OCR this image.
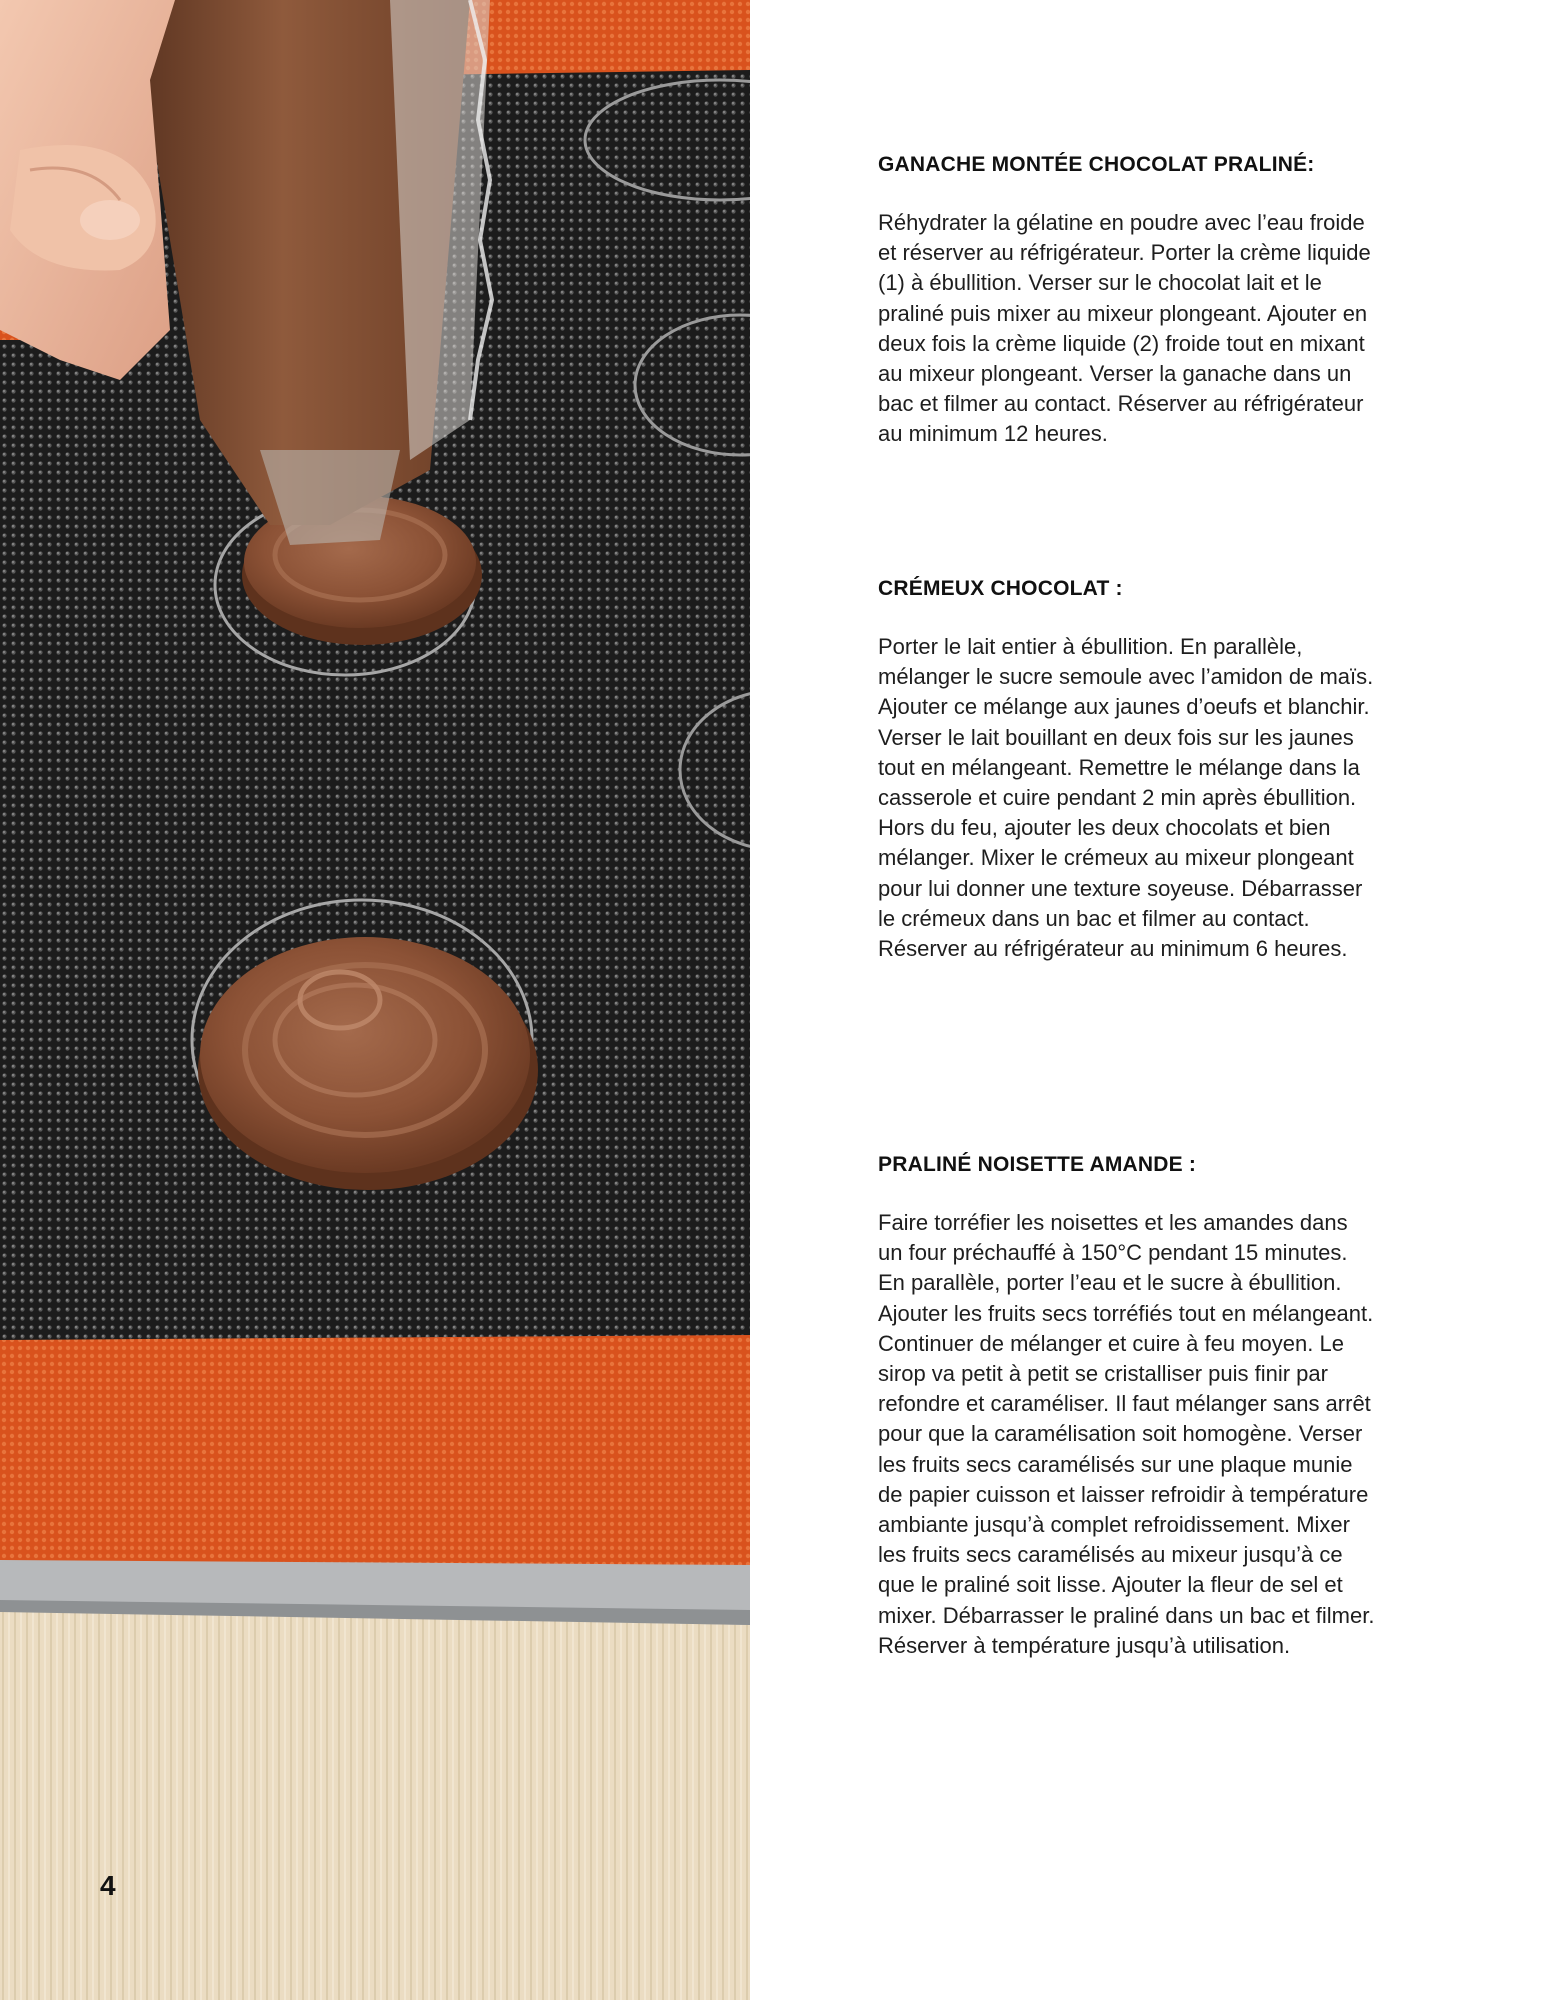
GANACHE MONTÉE CHOCOLAT PRALINÉ:

Réhydrater la gélatine en poudre avec l’eau froide et réserver au réfrigérateur. Porter la crème liquide (1) à ébullition. Verser sur le chocolat lait et le praliné puis mixer au mixeur plongeant. Ajouter en deux fois la crème liquide (2) froide tout en mixant au mixeur plongeant. Verser la ganache dans un bac et filmer au contact. Réserver au réfrigérateur au minimum 12 heures.

CRÉMEUX CHOCOLAT :

Porter le lait entier à ébullition. En parallèle, mélanger le sucre semoule avec l’amidon de maïs. Ajouter ce mélange aux jaunes d’oeufs et blanchir. Verser le lait bouillant en deux fois sur les jaunes tout en mélangeant. Remettre le mélange dans la casserole et cuire pendant 2 min après ébullition. Hors du feu, ajouter les deux chocolats et bien mélanger. Mixer le crémeux au mixeur plongeant pour lui donner une texture soyeuse. Débarrasser le crémeux dans un bac et filmer au contact. Réserver au réfrigérateur au minimum 6 heures.

PRALINÉ NOISETTE AMANDE :

Faire torréfier les noisettes et les amandes dans un four préchauffé à 150°C pendant 15 minutes. En parallèle, porter l’eau et le sucre à ébullition. Ajouter les fruits secs torréfiés tout en mélangeant. Continuer de mélanger et cuire à feu moyen. Le sirop va petit à petit se cristalliser puis finir par refondre et caraméliser. Il faut mélanger sans arrêt pour que la caramélisation soit homogène. Verser les fruits secs caramélisés sur une plaque munie de papier cuisson et laisser refroidir à température ambiante jusqu’à complet refroidissement. Mixer les fruits secs caramélisés au mixeur jusqu’à ce que le praliné soit lisse. Ajouter la fleur de sel et mixer. Débarrasser le praliné dans un bac et filmer. Réserver à température jusqu’à utilisation.

4
